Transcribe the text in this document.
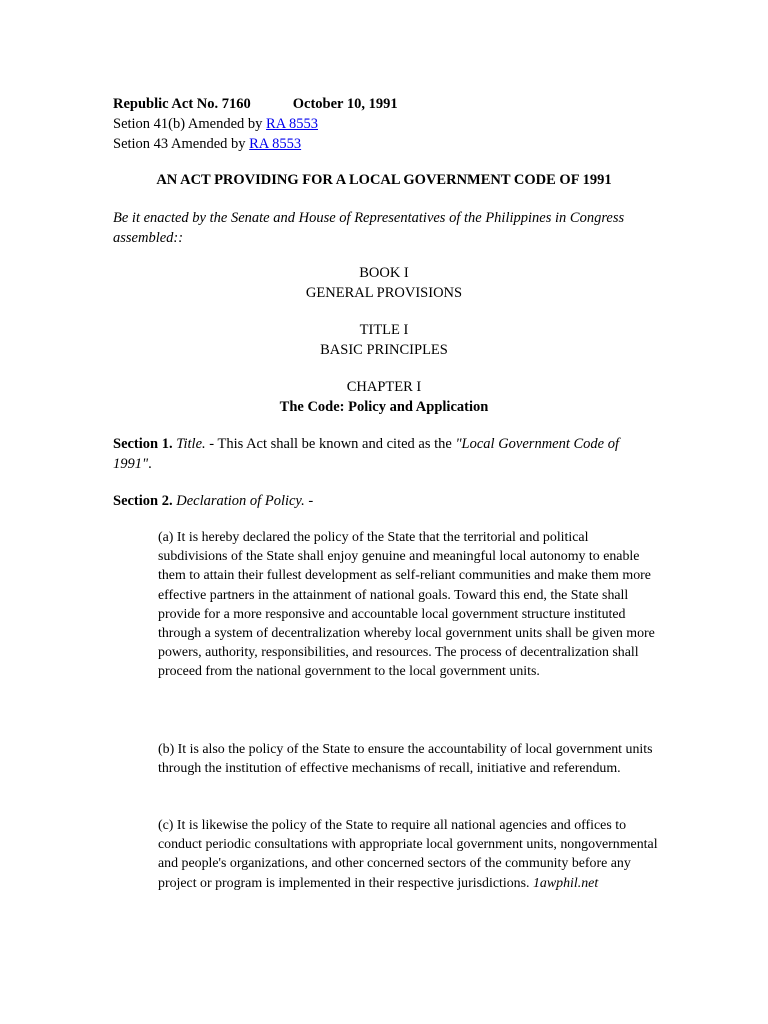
Republic Act No. 7160	October 10, 1991
Setion 41(b) Amended by RA 8553
Setion 43 Amended by RA 8553
AN ACT PROVIDING FOR A LOCAL GOVERNMENT CODE OF 1991
Be it enacted by the Senate and House of Representatives of the Philippines in Congress assembled::
BOOK I
GENERAL PROVISIONS
TITLE I
BASIC PRINCIPLES
CHAPTER I
The Code: Policy and Application
Section 1. Title. - This Act shall be known and cited as the "Local Government Code of 1991".
Section 2. Declaration of Policy. -
(a) It is hereby declared the policy of the State that the territorial and political subdivisions of the State shall enjoy genuine and meaningful local autonomy to enable them to attain their fullest development as self-reliant communities and make them more effective partners in the attainment of national goals. Toward this end, the State shall provide for a more responsive and accountable local government structure instituted through a system of decentralization whereby local government units shall be given more powers, authority, responsibilities, and resources. The process of decentralization shall proceed from the national government to the local government units.
(b) It is also the policy of the State to ensure the accountability of local government units through the institution of effective mechanisms of recall, initiative and referendum.
(c) It is likewise the policy of the State to require all national agencies and offices to conduct periodic consultations with appropriate local government units, nongovernmental and people's organizations, and other concerned sectors of the community before any project or program is implemented in their respective jurisdictions. 1awphil.net
